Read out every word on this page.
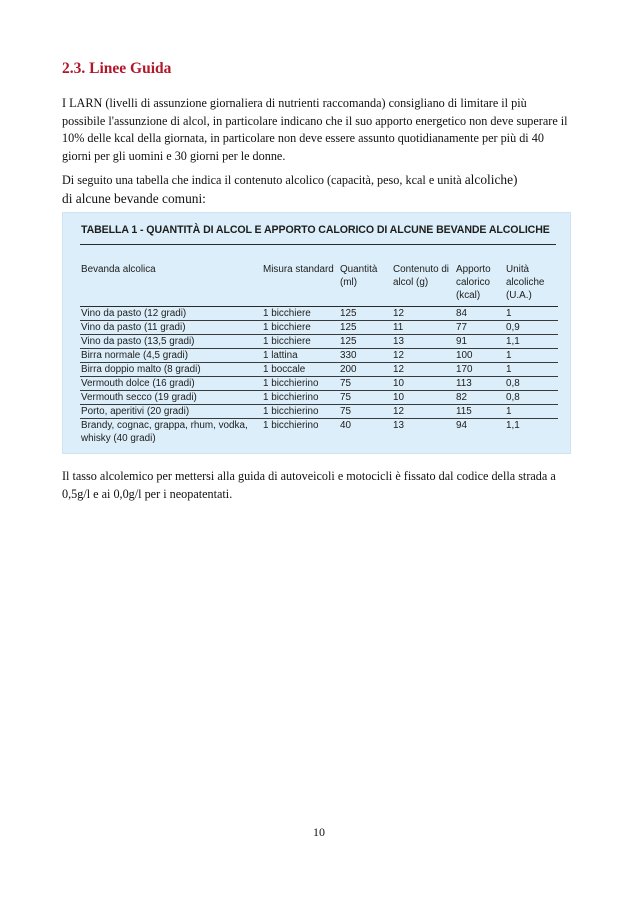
2.3. Linee Guida

I LARN (livelli di assunzione giornaliera di nutrienti raccomanda) consigliano di limitare il più possibile l'assunzione di alcol, in particolare indicano che il suo apporto energetico non deve superare il 10% delle kcal della giornata, in particolare non deve essere assunto quotidianamente per più di 40 giorni per gli uomini e 30 giorni per le donne.

Di seguito una tabella che indica il contenuto alcolico (capacità, peso, kcal e unità alcoliche)
di alcune bevande comuni:

TABELLA 1 - QUANTITÀ DI ALCOL E APPORTO CALORICO DI ALCUNE BEVANDE ALCOLICHE

Bevanda alcolica	Misura standard	Quantità (ml)	Contenuto di alcol (g)	Apporto calorico (kcal)	Unità alcoliche (U.A.)
Vino da pasto (12 gradi)	1 bicchiere	125	12	84	1
Vino da pasto (11 gradi)	1 bicchiere	125	11	77	0,9
Vino da pasto (13,5 gradi)	1 bicchiere	125	13	91	1,1
Birra normale (4,5 gradi)	1 lattina	330	12	100	1
Birra doppio malto (8 gradi)	1 boccale	200	12	170	1
Vermouth dolce (16 gradi)	1 bicchierino	75	10	113	0,8
Vermouth secco (19 gradi)	1 bicchierino	75	10	82	0,8
Porto, aperitivi (20 gradi)	1 bicchierino	75	12	115	1
Brandy, cognac, grappa, rhum, vodka, whisky (40 gradi)	1 bicchierino	40	13	94	1,1

Il tasso alcolemico per mettersi alla guida di autoveicoli e motocicli è fissato dal codice della strada a 0,5g/l e ai 0,0g/l per i neopatentati.

10
